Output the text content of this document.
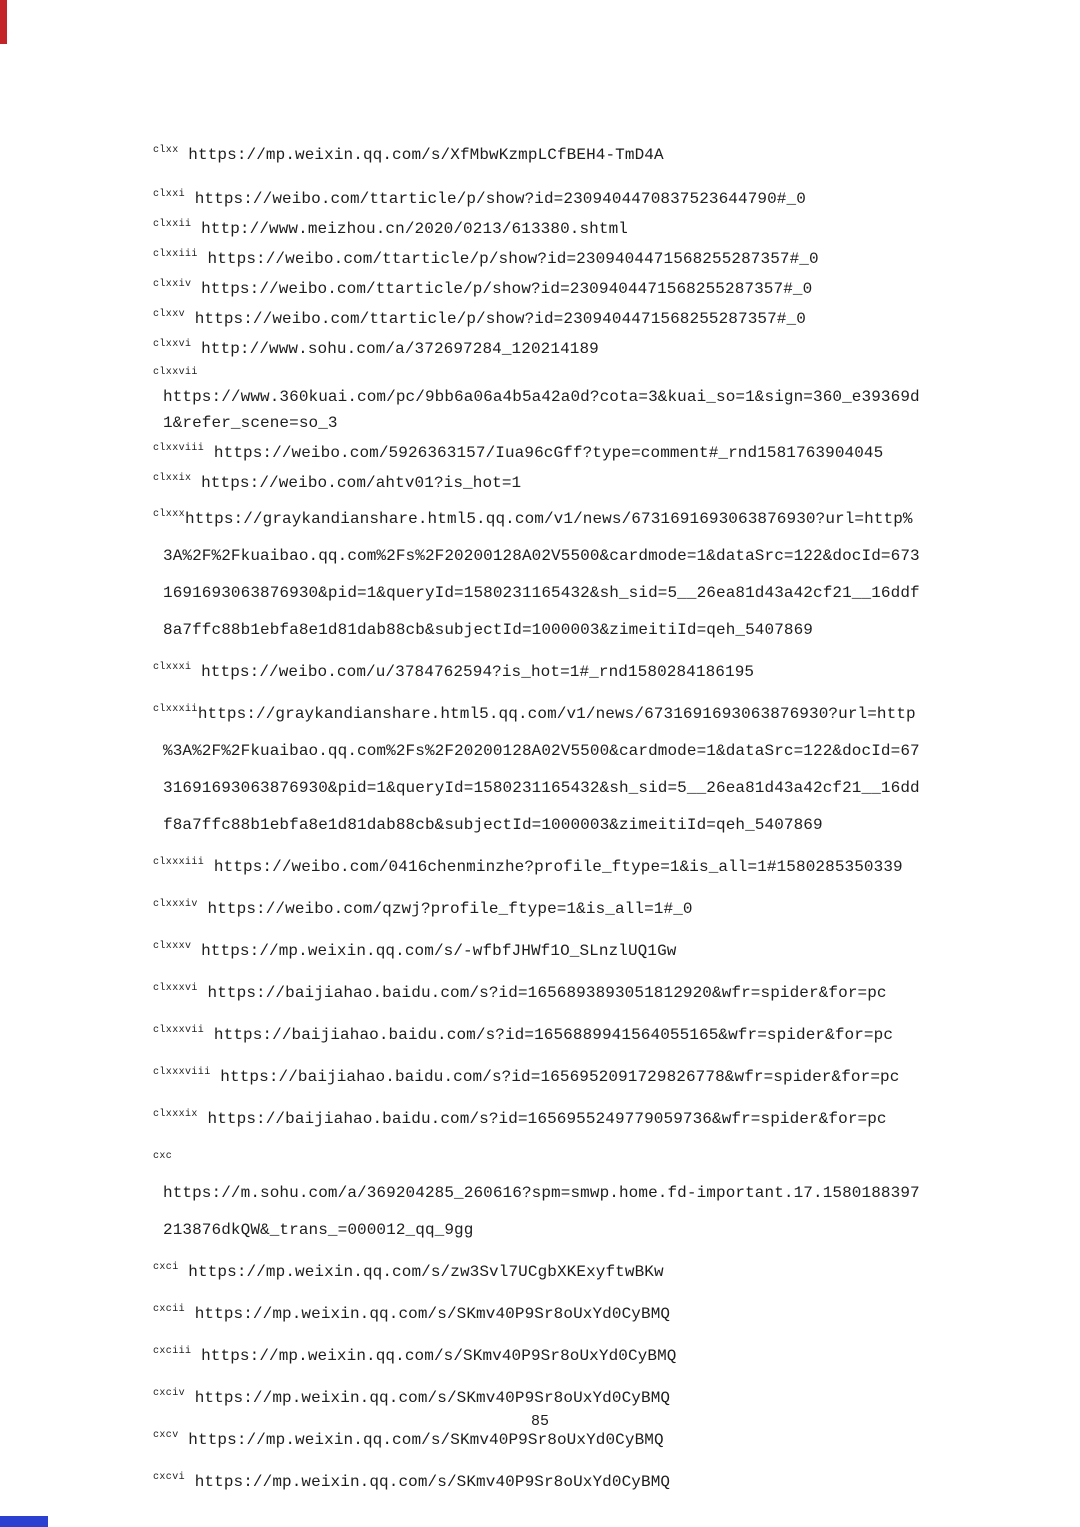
$^{clxx}$ https://mp.weixin.qq.com/s/XfMbwKzmpLCfBEH4-TmD4A
$^{clxxi}$ https://weibo.com/ttarticle/p/show?id=2309404470837523644790#_0
$^{clxxii}$ http://www.meizhou.cn/2020/0213/613380.shtml
$^{clxxiii}$ https://weibo.com/ttarticle/p/show?id=2309404471568255287357#_0
$^{clxxiv}$ https://weibo.com/ttarticle/p/show?id=2309404471568255287357#_0
$^{clxxv}$ https://weibo.com/ttarticle/p/show?id=2309404471568255287357#_0
$^{clxxvi}$ http://www.sohu.com/a/372697284_120214189
clxxvii
https://www.360kuai.com/pc/9bb6a06a4b5a42a0d?cota=3&kuai_so=1&sign=360_e39369d
1&refer_scene=so_3
$^{clxxviii}$ https://weibo.com/5926363157/Iua96cGff?type=comment#_rnd1581763904045
$^{clxxix}$ https://weibo.com/ahtv01?is_hot=1
$^{clxxx}$https://graykandianshare.html5.qq.com/v1/news/6731691693063876930?url=http%
3A%2F%2Fkuaibao.qq.com%2Fs%2F20200128A02V5500&cardmode=1&dataSrc=122&docId=673
1691693063876930&pid=1&queryId=1580231165432&sh_sid=5__26ea81d43a42cf21__16ddf
8a7ffc88b1ebfa8e1d81dab88cb&subjectId=1000003&zimeitiId=qeh_5407869
$^{clxxxi}$ https://weibo.com/u/3784762594?is_hot=1#_rnd1580284186195
$^{clxxxii}$https://graykandianshare.html5.qq.com/v1/news/6731691693063876930?url=http
%3A%2F%2Fkuaibao.qq.com%2Fs%2F20200128A02V5500&cardmode=1&dataSrc=122&docId=67
31691693063876930&pid=1&queryId=1580231165432&sh_sid=5__26ea81d43a42cf21__16dd
f8a7ffc88b1ebfa8e1d81dab88cb&subjectId=1000003&zimeitiId=qeh_5407869
$^{clxxxiii}$ https://weibo.com/0416chenminzhe?profile_ftype=1&is_all=1#1580285350339
$^{clxxxiv}$ https://weibo.com/qzwj?profile_ftype=1&is_all=1#_0
$^{clxxxv}$ https://mp.weixin.qq.com/s/-wfbfJHWf1O_SLnzlUQ1Gw
$^{clxxxvi}$ https://baijiahao.baidu.com/s?id=1656893893051812920&wfr=spider&for=pc
$^{clxxxvii}$ https://baijiahao.baidu.com/s?id=1656889941564055165&wfr=spider&for=pc
$^{clxxxviii}$ https://baijiahao.baidu.com/s?id=1656952091729826778&wfr=spider&for=pc
$^{clxxxix}$ https://baijiahao.baidu.com/s?id=1656955249779059736&wfr=spider&for=pc
cxc
https://m.sohu.com/a/369204285_260616?spm=smwp.home.fd-important.17.1580188397
213876dkQW&_trans_=000012_qq_9gg
$^{cxci}$ https://mp.weixin.qq.com/s/zw3Svl7UCgbXKExyftwBKw
$^{cxcii}$ https://mp.weixin.qq.com/s/SKmv40P9Sr8oUxYd0CyBMQ
$^{cxciii}$ https://mp.weixin.qq.com/s/SKmv40P9Sr8oUxYd0CyBMQ
$^{cxciv}$ https://mp.weixin.qq.com/s/SKmv40P9Sr8oUxYd0CyBMQ
$^{cxcv}$ https://mp.weixin.qq.com/s/SKmv40P9Sr8oUxYd0CyBMQ
$^{cxcvi}$ https://mp.weixin.qq.com/s/SKmv40P9Sr8oUxYd0CyBMQ
85
